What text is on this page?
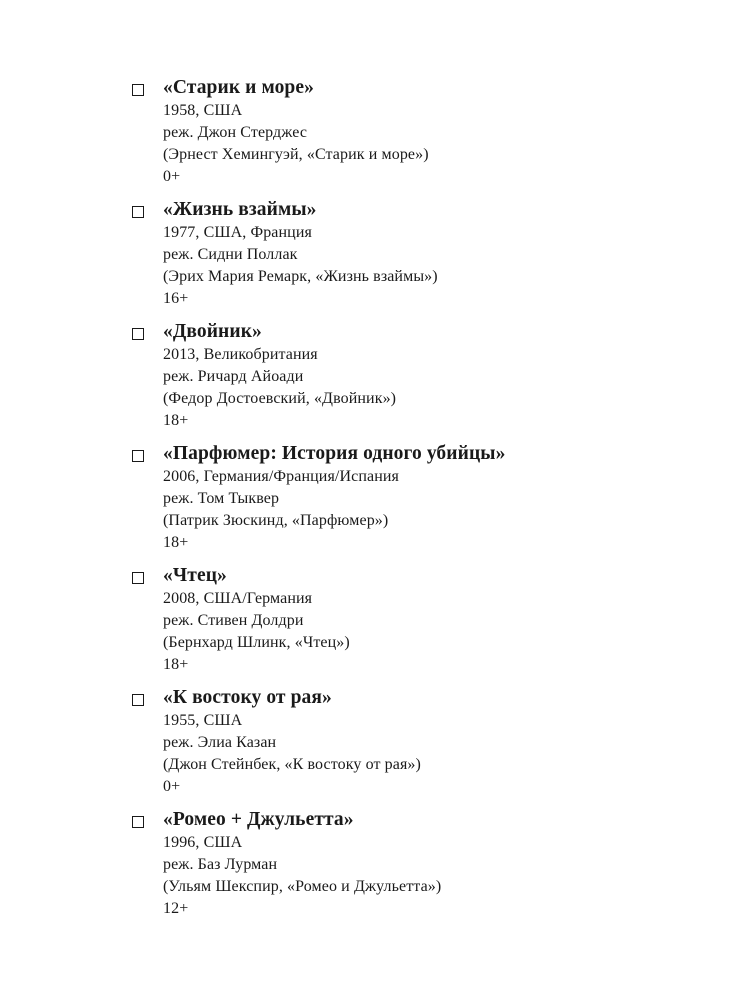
«Старик и море»
1958, США
реж. Джон Стерджес
(Эрнест Хемингуэй, «Старик и море»)
0+
«Жизнь взаймы»
1977, США, Франция
реж. Сидни Поллак
(Эрих Мария Ремарк, «Жизнь взаймы»)
16+
«Двойник»
2013, Великобритания
реж. Ричард Айоади
(Федор Достоевский, «Двойник»)
18+
«Парфюмер: История одного убийцы»
2006, Германия/Франция/Испания
реж. Том Тыквер
(Патрик Зюскинд, «Парфюмер»)
18+
«Чтец»
2008, США/Германия
реж. Стивен Долдри
(Бернхард Шлинк, «Чтец»)
18+
«К востоку от рая»
1955, США
реж. Элиа Казан
(Джон Стейнбек, «К востоку от рая»)
0+
«Ромео + Джульетта»
1996, США
реж. Баз Лурман
(Ульям Шекспир, «Ромео и Джульетта»)
12+
